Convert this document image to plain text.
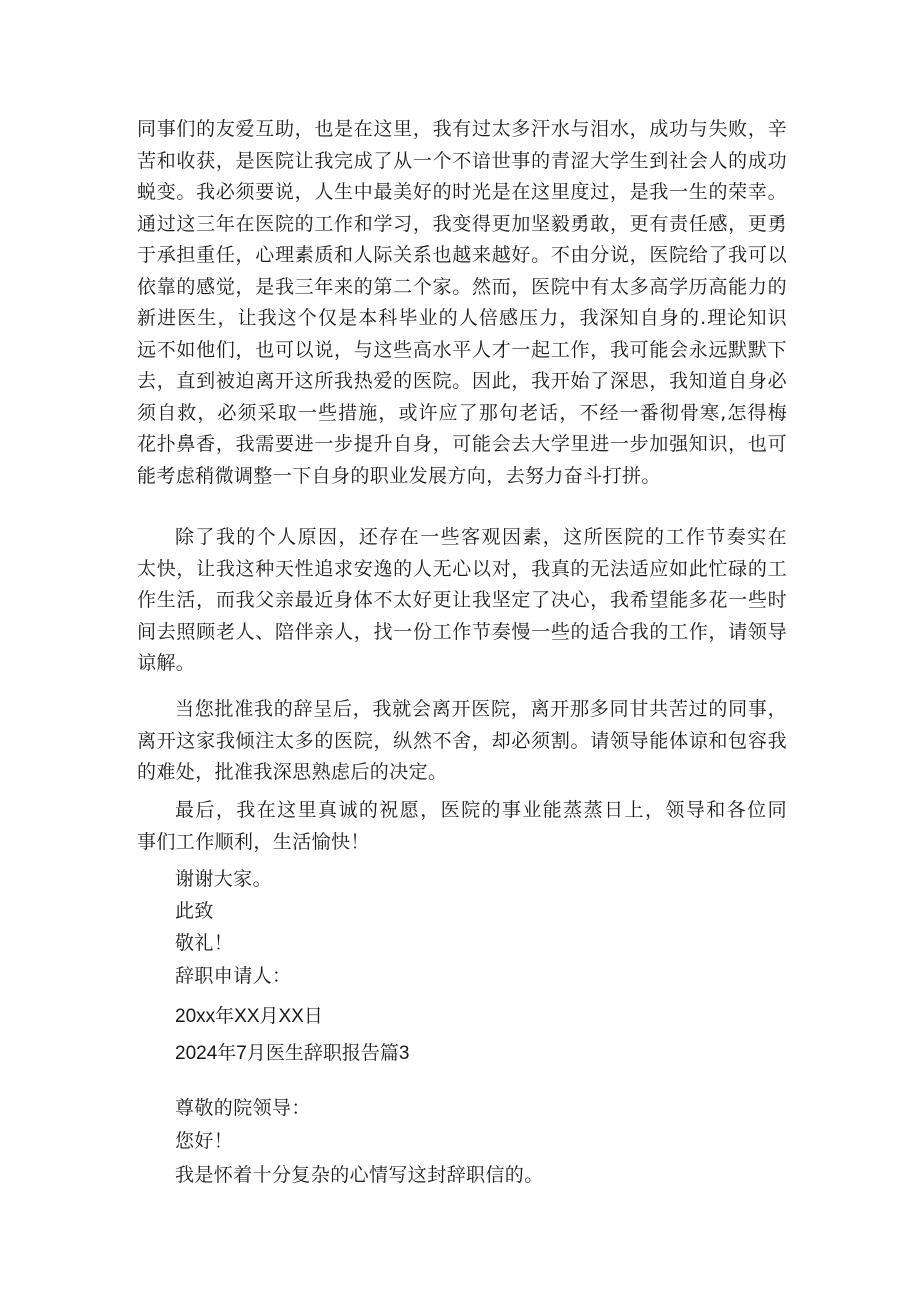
同事们的友爱互助，也是在这里，我有过太多汗水与泪水，成功与失败，辛
苦和收获，是医院让我完成了从一个不谙世事的青涩大学生到社会人的成功
蜕变。我必须要说，人生中最美好的时光是在这里度过，是我一生的荣幸。
通过这三年在医院的工作和学习，我变得更加坚毅勇敢，更有责任感，更勇
于承担重任，心理素质和人际关系也越来越好。不由分说，医院给了我可以
依靠的感觉，是我三年来的第二个家。然而，医院中有太多高学历高能力的
新进医生，让我这个仅是本科毕业的人倍感压力，我深知自身的.理论知识
远不如他们，也可以说，与这些高水平人才一起工作，我可能会永远默默下
去，直到被迫离开这所我热爱的医院。因此，我开始了深思，我知道自身必
须自救，必须采取一些措施，或许应了那句老话，不经一番彻骨寒,怎得梅
花扑鼻香，我需要进一步提升自身，可能会去大学里进一步加强知识，也可
能考虑稍微调整一下自身的职业发展方向，去努力奋斗打拼。
除了我的个人原因，还存在一些客观因素，这所医院的工作节奏实在
太快，让我这种天性追求安逸的人无心以对，我真的无法适应如此忙碌的工
作生活，而我父亲最近身体不太好更让我坚定了决心，我希望能多花一些时
间去照顾老人、陪伴亲人，找一份工作节奏慢一些的适合我的工作，请领导
谅解。
当您批准我的辞呈后，我就会离开医院，离开那多同甘共苦过的同事，
离开这家我倾注太多的医院，纵然不舍，却必须割。请领导能体谅和包容我
的难处，批准我深思熟虑后的决定。
最后，我在这里真诚的祝愿，医院的事业能蒸蒸日上，领导和各位同
事们工作顺利，生活愉快！
谢谢大家。
此致
敬礼！
辞职申请人：
20xx年XX月XX日
2024年7月医生辞职报告篇3
尊敬的院领导：
您好！
我是怀着十分复杂的心情写这封辞职信的。
